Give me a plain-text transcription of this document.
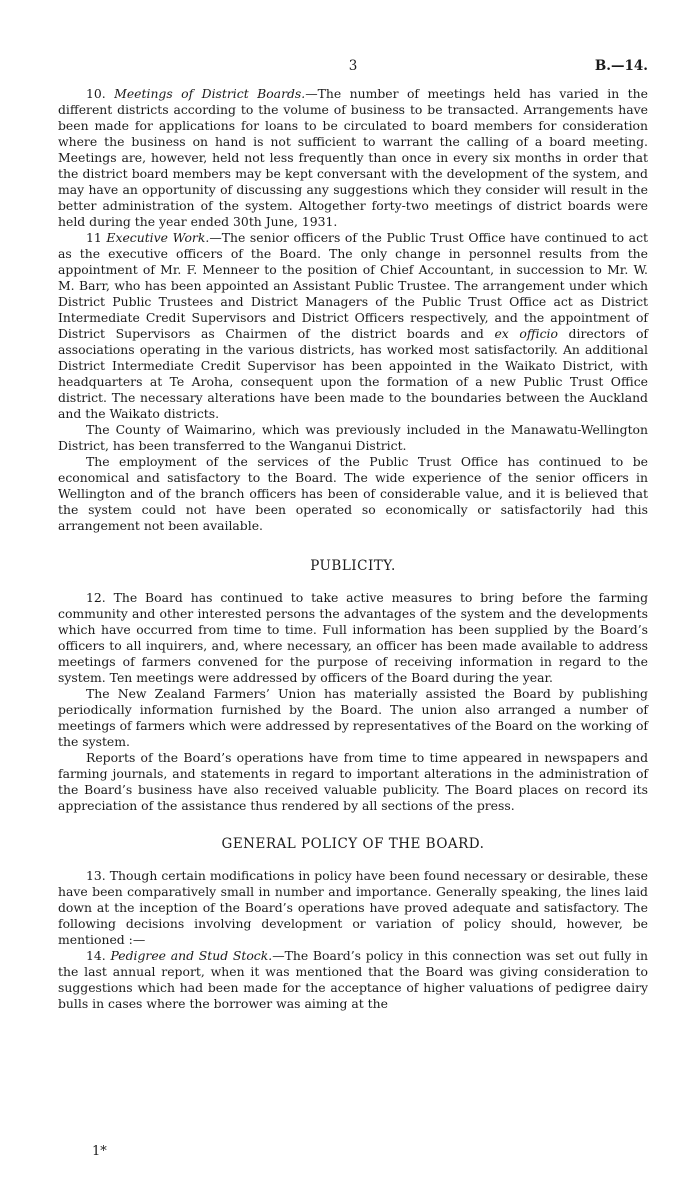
3	B.—14.

10. Meetings of District Boards.—The number of meetings held has varied in the different districts according to the volume of business to be transacted. Arrangements have been made for applications for loans to be circulated to board members for consideration where the business on hand is not sufficient to warrant the calling of a board meeting. Meetings are, however, held not less frequently than once in every six months in order that the district board members may be kept conversant with the development of the system, and may have an opportunity of discussing any suggestions which they consider will result in the better administration of the system. Altogether forty-two meetings of district boards were held during the year ended 30th June, 1931.

11 Executive Work.—The senior officers of the Public Trust Office have continued to act as the executive officers of the Board. The only change in personnel results from the appointment of Mr. F. Menneer to the position of Chief Accountant, in succession to Mr. W. M. Barr, who has been appointed an Assistant Public Trustee. The arrangement under which District Public Trustees and District Managers of the Public Trust Office act as District Intermediate Credit Supervisors and District Officers respectively, and the appointment of District Supervisors as Chairmen of the district boards and ex officio directors of associations operating in the various districts, has worked most satisfactorily. An additional District Intermediate Credit Supervisor has been appointed in the Waikato District, with headquarters at Te Aroha, consequent upon the formation of a new Public Trust Office district. The necessary alterations have been made to the boundaries between the Auckland and the Waikato districts.

The County of Waimarino, which was previously included in the Manawatu-Wellington District, has been transferred to the Wanganui District.

The employment of the services of the Public Trust Office has continued to be economical and satisfactory to the Board. The wide experience of the senior officers in Wellington and of the branch officers has been of considerable value, and it is believed that the system could not have been operated so economically or satisfactorily had this arrangement not been available.

PUBLICITY.

12. The Board has continued to take active measures to bring before the farming community and other interested persons the advantages of the system and the developments which have occurred from time to time. Full information has been supplied by the Board’s officers to all inquirers, and, where necessary, an officer has been made available to address meetings of farmers convened for the purpose of receiving information in regard to the system. Ten meetings were addressed by officers of the Board during the year.

The New Zealand Farmers’ Union has materially assisted the Board by publishing periodically information furnished by the Board. The union also arranged a number of meetings of farmers which were addressed by representatives of the Board on the working of the system.

Reports of the Board’s operations have from time to time appeared in newspapers and farming journals, and statements in regard to important alterations in the administration of the Board’s business have also received valuable publicity. The Board places on record its appreciation of the assistance thus rendered by all sections of the press.

GENERAL POLICY OF THE BOARD.

13. Though certain modifications in policy have been found necessary or desirable, these have been comparatively small in number and importance. Generally speaking, the lines laid down at the inception of the Board’s operations have proved adequate and satisfactory. The following decisions involving development or variation of policy should, however, be mentioned :—

14. Pedigree and Stud Stock.—The Board’s policy in this connection was set out fully in the last annual report, when it was mentioned that the Board was giving consideration to suggestions which had been made for the acceptance of higher valuations of pedigree dairy bulls in cases where the borrower was aiming at the

1*
